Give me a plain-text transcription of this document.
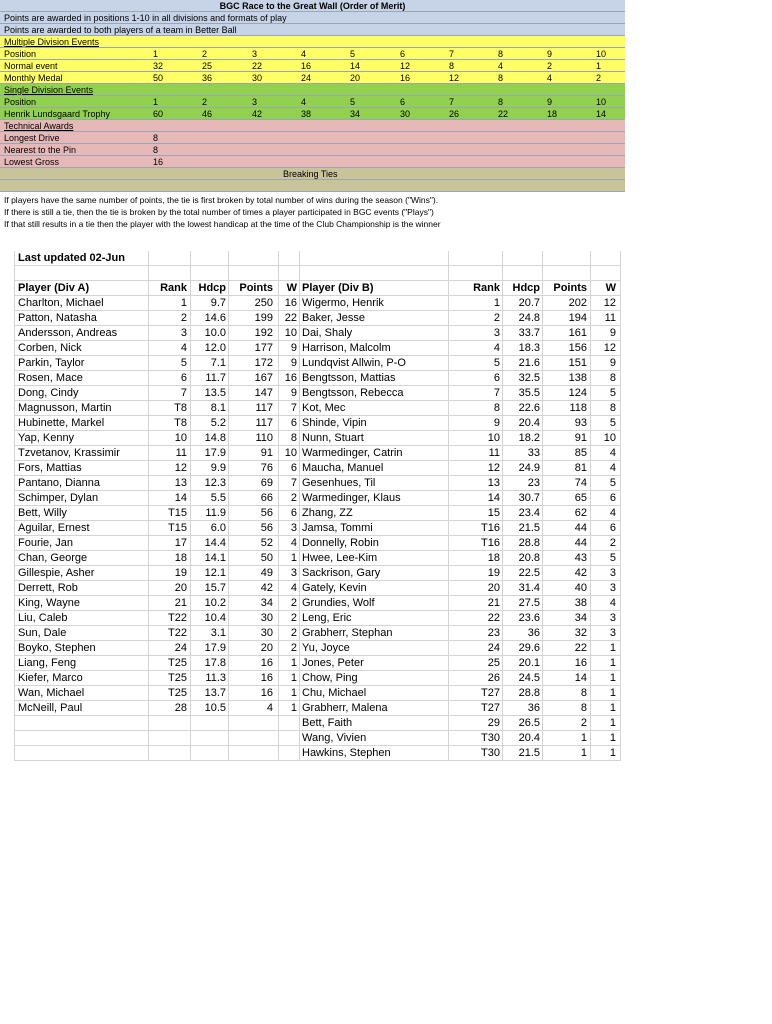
BGC Race to the Great Wall (Order of Merit)
Points are awarded in positions 1-10 in all divisions and formats of play
Points are awarded to both players of a team in Better Ball
Multiple Division Events
Position	1	2	3	4	5	6	7	8	9	10
Normal event	32	25	22	16	14	12	8	4	2	1
Monthly Medal	50	36	30	24	20	16	12	8	4	2
Single Division Events
Position	1	2	3	4	5	6	7	8	9	10
Henrik Lundsgaard Trophy	60	46	42	38	34	30	26	22	18	14
Technical Awards
Longest Drive	8
Nearest to the Pin	8
Lowest Gross	16
Breaking Ties
If players have the same number of points, the tie is first broken by total number of wins during the season ("Wins").
If there is still a tie, then the tie is broken by the total number of times a player participated in BGC events ("Plays")
If that still results in a tie then the player with the lowest handicap at the time of the Club Championship is the winner
Last updated 02-Jun
Player (Div A)	Rank	Hdcp	Points	W Player (Div B)	Rank	Hdcp	Points	W
Charlton, Michael	1	9.7	250	16 Wigermo, Henrik	1	20.7	202	12
Patton, Natasha	2	14.6	199	22 Baker, Jesse	2	24.8	194	11
Andersson, Andreas	3	10.0	192	10 Dai, Shaly	3	33.7	161	9
Corben, Nick	4	12.0	177	9 Harrison, Malcolm	4	18.3	156	12
Parkin, Taylor	5	7.1	172	9 Lundqvist Allwin, P-O	5	21.6	151	9
Rosen, Mace	6	11.7	167	16 Bengtsson, Mattias	6	32.5	138	8
Dong, Cindy	7	13.5	147	9 Bengtsson, Rebecca	7	35.5	124	5
Magnusson, Martin	T8	8.1	117	7 Kot, Mec	8	22.6	118	8
Hubinette, Markel	T8	5.2	117	6 Shinde, Vipin	9	20.4	93	5
Yap, Kenny	10	14.8	110	8 Nunn, Stuart	10	18.2	91	10
Tzvetanov, Krassimir	11	17.9	91	10 Warmedinger, Catrin	11	33	85	4
Fors, Mattias	12	9.9	76	6 Maucha, Manuel	12	24.9	81	4
Pantano, Dianna	13	12.3	69	7 Gesenhues, Til	13	23	74	5
Schimper, Dylan	14	5.5	66	2 Warmedinger, Klaus	14	30.7	65	6
Bett, Willy	T15	11.9	56	6 Zhang, ZZ	15	23.4	62	4
Aguilar, Ernest	T15	6.0	56	3 Jamsa, Tommi	T16	21.5	44	6
Fourie, Jan	17	14.4	52	4 Donnelly, Robin	T16	28.8	44	2
Chan, George	18	14.1	50	1 Hwee, Lee-Kim	18	20.8	43	5
Gillespie, Asher	19	12.1	49	3 Sackrison, Gary	19	22.5	42	3
Derrett, Rob	20	15.7	42	4 Gately, Kevin	20	31.4	40	3
King, Wayne	21	10.2	34	2 Grundies, Wolf	21	27.5	38	4
Liu, Caleb	T22	10.4	30	2 Leng, Eric	22	23.6	34	3
Sun, Dale	T22	3.1	30	2 Grabherr, Stephan	23	36	32	3
Boyko, Stephen	24	17.9	20	2 Yu, Joyce	24	29.6	22	1
Liang, Feng	T25	17.8	16	1 Jones, Peter	25	20.1	16	1
Kiefer, Marco	T25	11.3	16	1 Chow, Ping	26	24.5	14	1
Wan, Michael	T25	13.7	16	1 Chu, Michael	T27	28.8	8	1
McNeill, Paul	28	10.5	4	1 Grabherr, Malena	T27	36	8	1
Bett, Faith	29	26.5	2	1
Wang, Vivien	T30	20.4	1	1
Hawkins, Stephen	T30	21.5	1	1
